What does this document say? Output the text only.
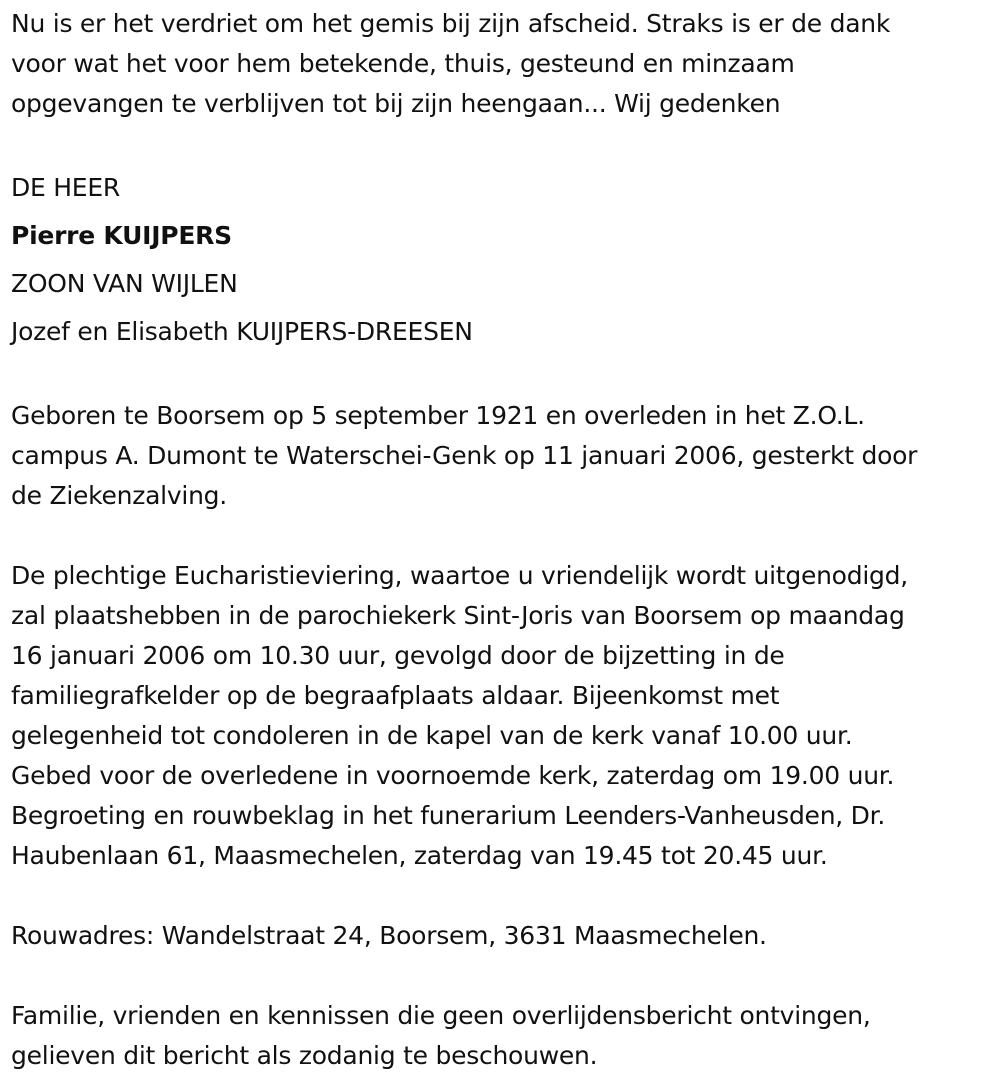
Nu is er het verdriet om het gemis bij zijn afscheid. Straks is er de dank
voor wat het voor hem betekende, thuis, gesteund en minzaam
opgevangen te verblijven tot bij zijn heengaan... Wij gedenken
DE HEER
Pierre KUIJPERS
ZOON VAN WIJLEN
Jozef en Elisabeth KUIJPERS-DREESEN
Geboren te Boorsem op 5 september 1921 en overleden in het Z.O.L.
campus A. Dumont te Waterschei-Genk op 11 januari 2006, gesterkt door
de Ziekenzalving.
De plechtige Eucharistieviering, waartoe u vriendelijk wordt uitgenodigd,
zal plaatshebben in de parochiekerk Sint-Joris van Boorsem op maandag
16 januari 2006 om 10.30 uur, gevolgd door de bijzetting in de
familiegrafkelder op de begraafplaats aldaar. Bijeenkomst met
gelegenheid tot condoleren in de kapel van de kerk vanaf 10.00 uur.
Gebed voor de overledene in voornoemde kerk, zaterdag om 19.00 uur.
Begroeting en rouwbeklag in het funerarium Leenders-Vanheusden, Dr.
Haubenlaan 61, Maasmechelen, zaterdag van 19.45 tot 20.45 uur.
Rouwadres: Wandelstraat 24, Boorsem, 3631 Maasmechelen.
Familie, vrienden en kennissen die geen overlijdensbericht ontvingen,
gelieven dit bericht als zodanig te beschouwen.
